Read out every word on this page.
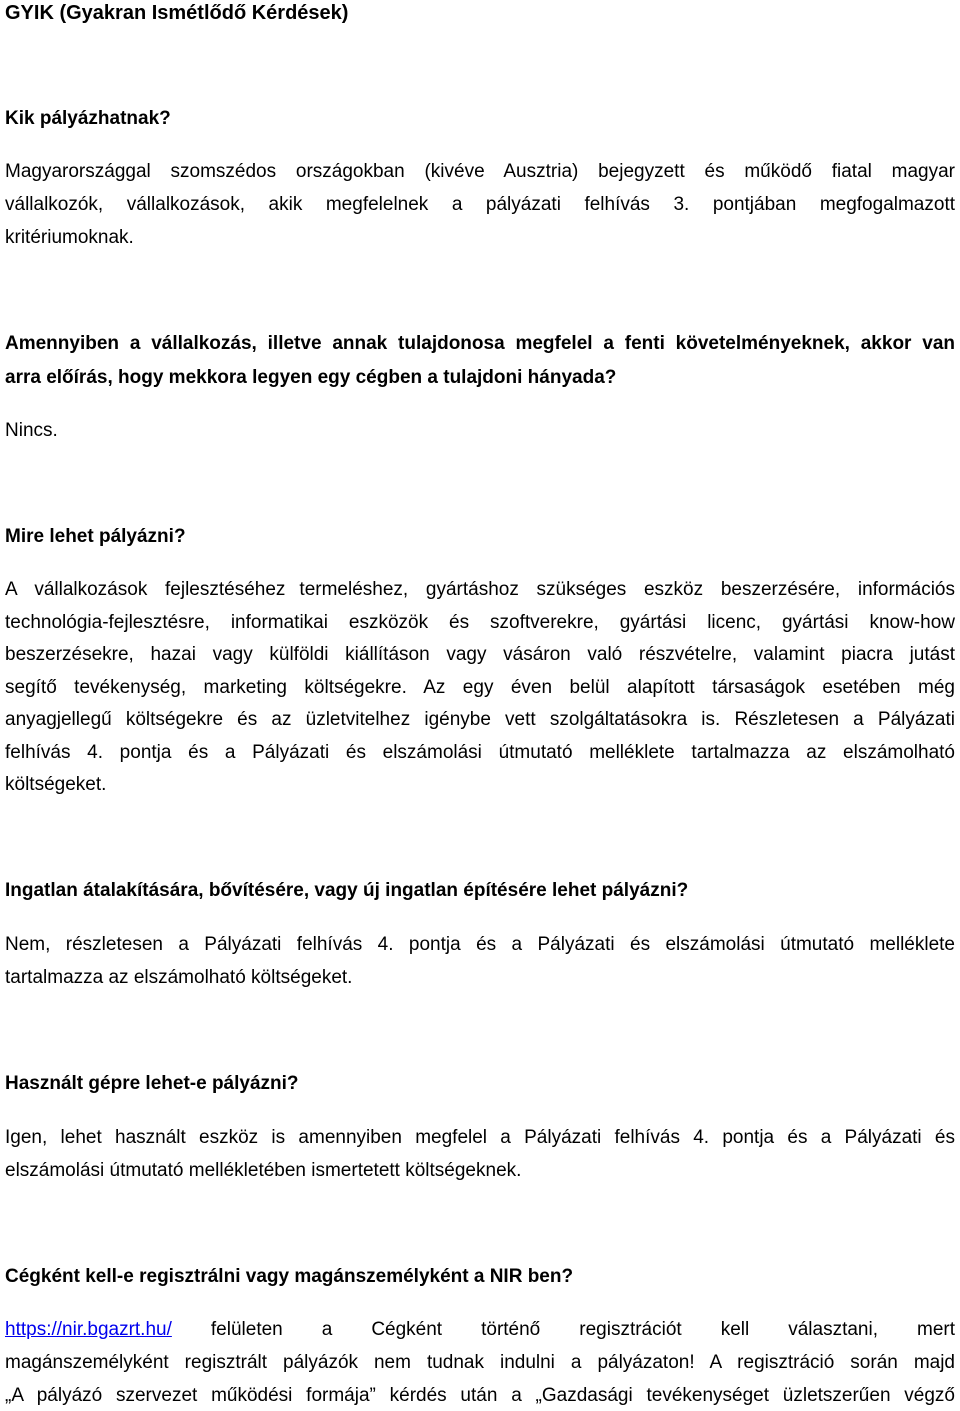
GYIK (Gyakran Ismétlődő Kérdések)
Kik pályázhatnak?
Magyarországgal szomszédos országokban (kivéve Ausztria) bejegyzett és működő fiatal magyar
vállalkozók, vállalkozások, akik megfelelnek a pályázati felhívás 3. pontjában megfogalmazott
kritériumoknak.
Amennyiben a vállalkozás, illetve annak tulajdonosa megfelel a fenti követelményeknek, akkor van
arra előírás, hogy mekkora legyen egy cégben a tulajdoni hányada?
Nincs.
Mire lehet pályázni?
A vállalkozások fejlesztéséhez termeléshez, gyártáshoz szükséges eszköz beszerzésére, információs
technológia-fejlesztésre, informatikai eszközök és szoftverekre, gyártási licenc, gyártási know-how
beszerzésekre, hazai vagy külföldi kiállításon vagy vásáron való részvételre, valamint piacra jutást
segítő tevékenység, marketing költségekre. Az egy éven belül alapított társaságok esetében még
anyagjellegű költségekre és az üzletvitelhez igénybe vett szolgáltatásokra is. Részletesen a Pályázati
felhívás 4. pontja és a Pályázati és elszámolási útmutató melléklete tartalmazza az elszámolható
költségeket.
Ingatlan átalakítására, bővítésére, vagy új ingatlan építésére lehet pályázni?
Nem, részletesen a Pályázati felhívás 4. pontja és a Pályázati és elszámolási útmutató melléklete
tartalmazza az elszámolható költségeket.
Használt gépre lehet-e pályázni?
Igen, lehet használt eszköz is amennyiben megfelel a Pályázati felhívás 4. pontja és a Pályázati és
elszámolási útmutató mellékletében ismertetett költségeknek.
Cégként kell-e regisztrálni vagy magánszemélyként a NIR ben?
https://nir.bgazrt.hu/ felületen a Cégként történő regisztrációt kell választani, mert
magánszemélyként regisztrált pályázók nem tudnak indulni a pályázaton! A regisztráció során majd
„A pályázó szervezet működési formája” kérdés után a „Gazdasági tevékenységet üzletszerűen végző
